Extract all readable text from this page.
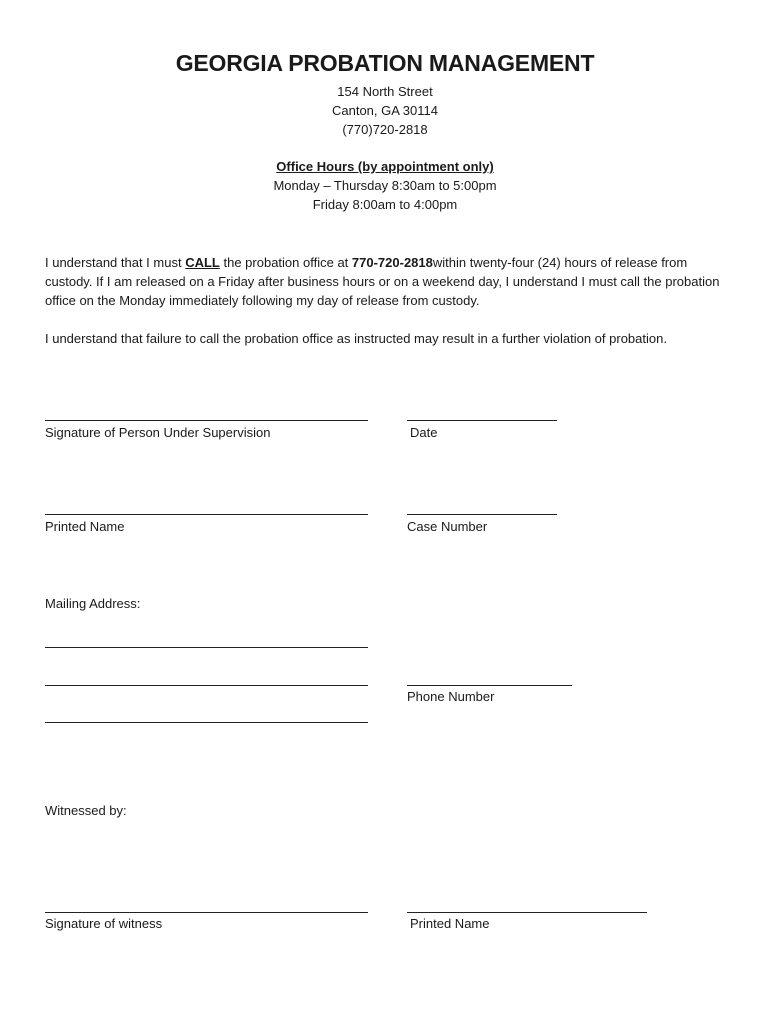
GEORGIA PROBATION MANAGEMENT
154 North Street
Canton, GA 30114
(770)720-2818
Office Hours (by appointment only)
Monday – Thursday 8:30am to 5:00pm
Friday 8:00am to 4:00pm
I understand that I must CALL the probation office at 770-720-2818within twenty-four (24) hours of release from custody. If I am released on a Friday after business hours or on a weekend day, I understand I must call the probation office on the Monday immediately following my day of release from custody.
I understand that failure to call the probation office as instructed may result in a further violation of probation.
Signature of Person Under Supervision	Date
Printed Name	Case Number
Mailing Address:
Phone Number
Witnessed by:
Signature of witness	Printed Name
